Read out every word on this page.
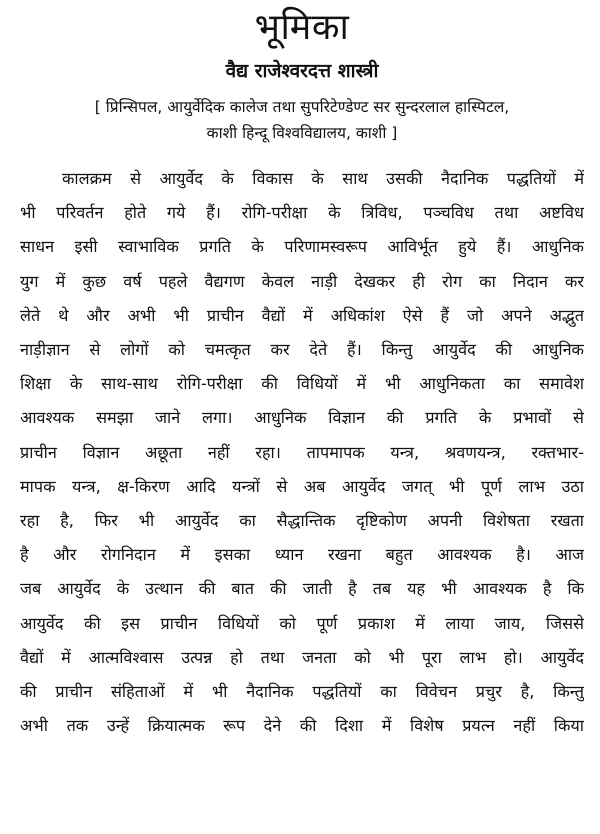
भूमिका
वैद्य राजेश्वरदत्त शास्त्री
[ प्रिन्सिपल, आयुर्वेदिक कालेज तथा सुपरिटेण्डेण्ट सर सुन्दरलाल हास्पिटल,
काशी हिन्दू विश्वविद्यालय, काशी ]
कालक्रम से आयुर्वेद के विकास के साथ उसकी नैदानिक पद्धतियों में
भी परिवर्तन होते गये हैं। रोगि-परीक्षा के त्रिविध, पञ्चविध तथा अष्टविध
साधन इसी स्वाभाविक प्रगति के परिणामस्वरूप आविर्भूत हुये हैं। आधुनिक
युग में कुछ वर्ष पहले वैद्यगण केवल नाड़ी देखकर ही रोग का निदान कर
लेते थे और अभी भी प्राचीन वैद्यों में अधिकांश ऐसे हैं जो अपने अद्भुत
नाड़ीज्ञान से लोगों को चमत्कृत कर देते हैं। किन्तु आयुर्वेद की आधुनिक
शिक्षा के साथ-साथ रोगि-परीक्षा की विधियों में भी आधुनिकता का समावेश
आवश्यक समझा जाने लगा। आधुनिक विज्ञान की प्रगति के प्रभावों से
प्राचीन विज्ञान अछूता नहीं रहा। तापमापक यन्त्र, श्रवणयन्त्र, रक्तभार-
मापक यन्त्र, क्ष-किरण आदि यन्त्रों से अब आयुर्वेद जगत् भी पूर्ण लाभ उठा
रहा है, फिर भी आयुर्वेद का सैद्धान्तिक दृष्टिकोण अपनी विशेषता रखता
है और रोगनिदान में इसका ध्यान रखना बहुत आवश्यक है। आज
जब आयुर्वेद के उत्थान की बात की जाती है तब यह भी आवश्यक है कि
आयुर्वेद की इस प्राचीन विधियों को पूर्ण प्रकाश में लाया जाय, जिससे
वैद्यों में आत्मविश्वास उत्पन्न हो तथा जनता को भी पूरा लाभ हो। आयुर्वेद
की प्राचीन संहिताओं में भी नैदानिक पद्धतियों का विवेचन प्रचुर है, किन्तु
अभी तक उन्हें क्रियात्मक रूप देने की दिशा में विशेष प्रयत्न नहीं किया
